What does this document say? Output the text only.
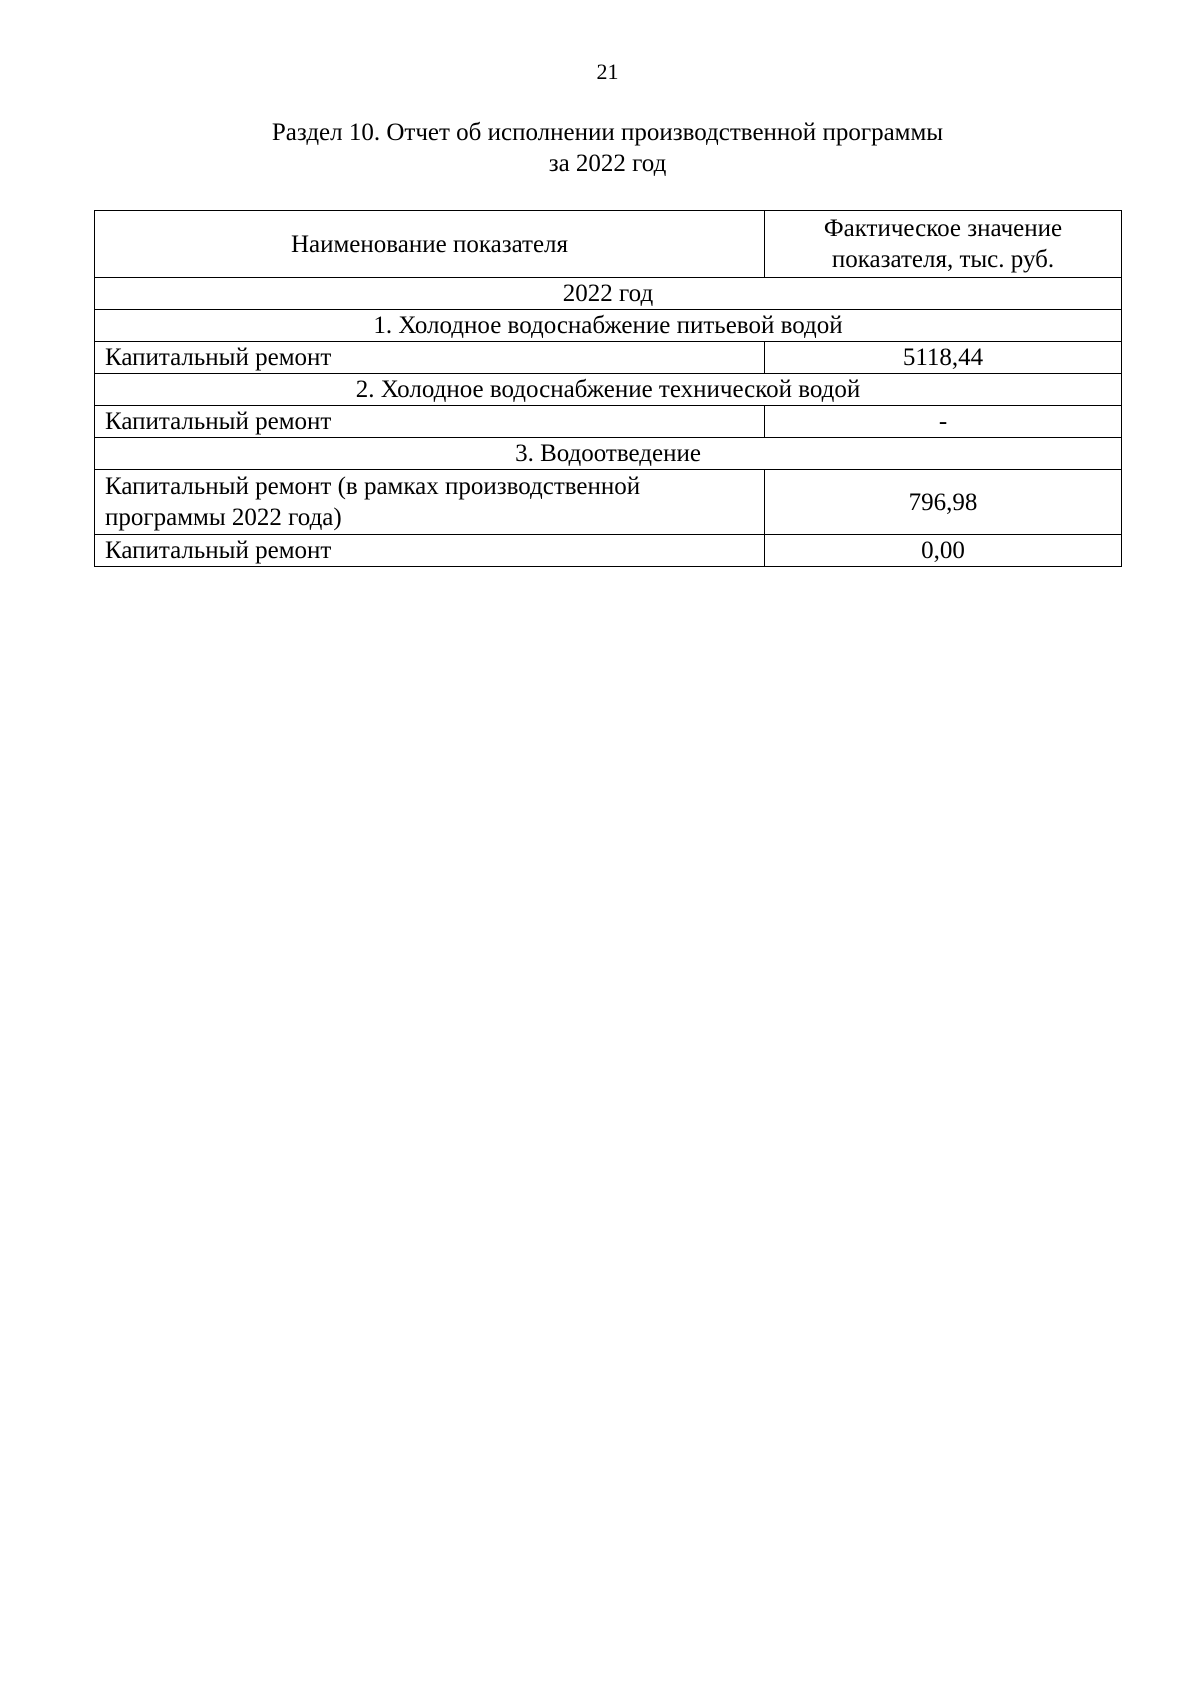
21
Раздел 10. Отчет об исполнении производственной программы
за 2022 год
Наименование показателя	Фактическое значение показателя, тыс. руб.
2022 год	
1. Холодное водоснабжение питьевой водой	
Капитальный ремонт	5118,44
2. Холодное водоснабжение технической водой	
Капитальный ремонт	-
3. Водоотведение	
Капитальный ремонт (в рамках производственной программы 2022 года)	796,98
Капитальный ремонт	0,00
